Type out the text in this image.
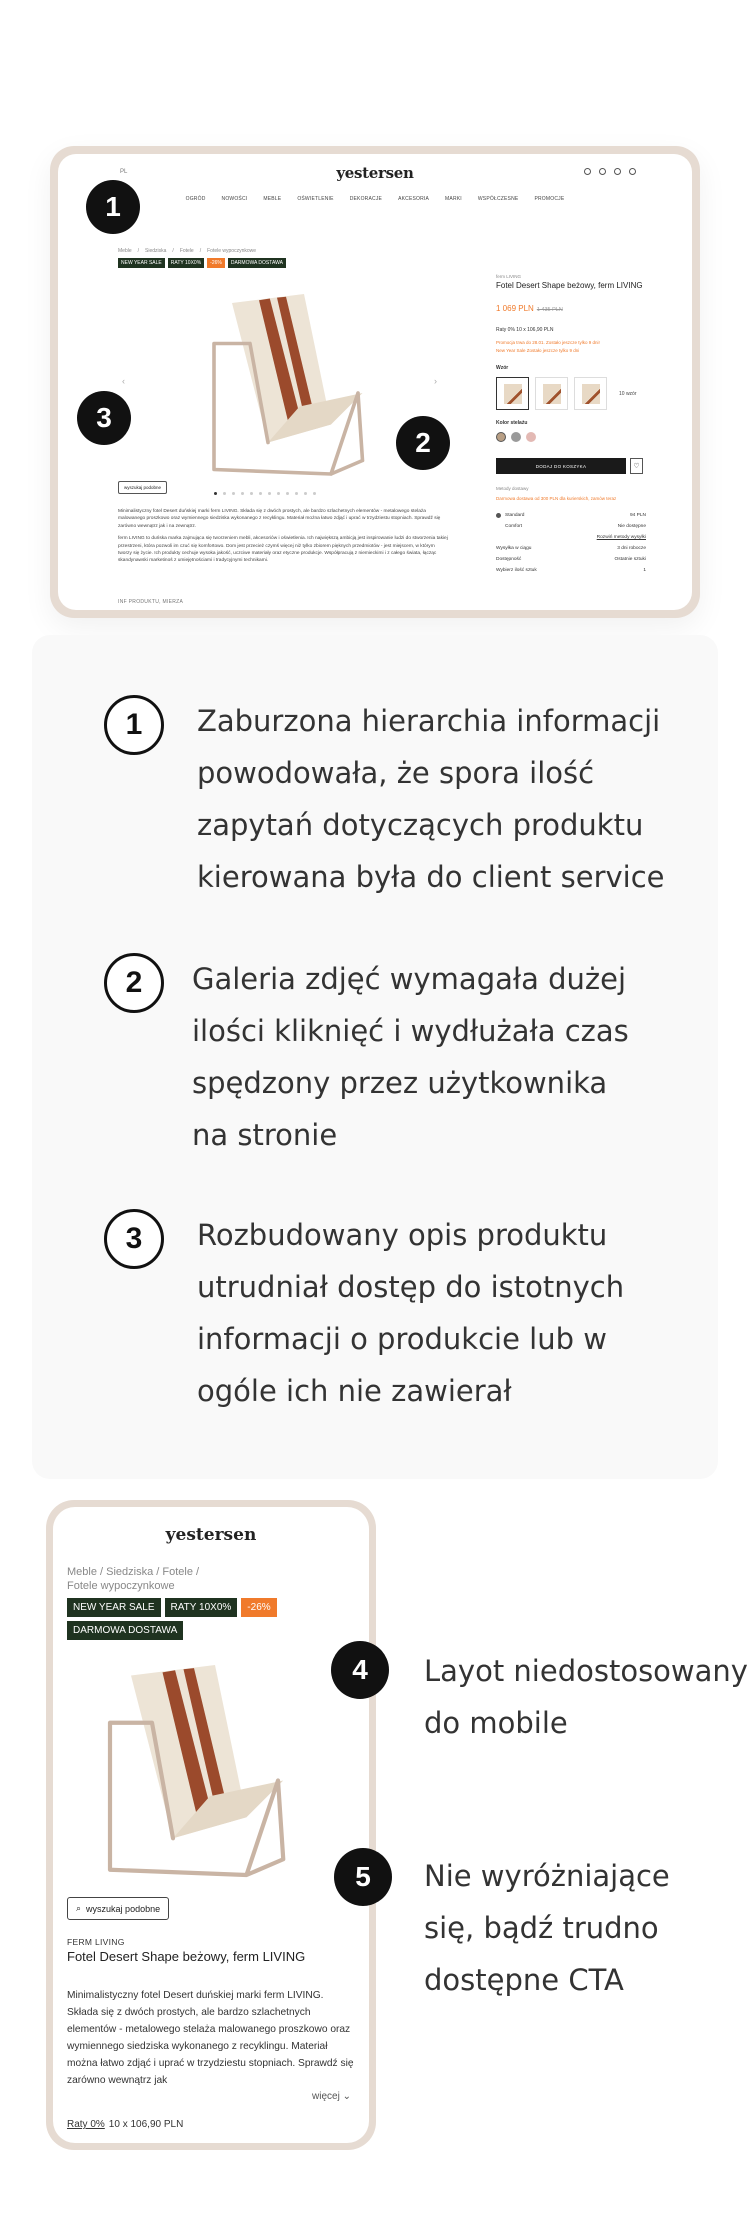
PL	yestersen
OGRÓD	NOWOŚCI	MEBLE	OŚWIETLENIE	DEKORACJE	AKCESORIA	MARKI	WSPÓŁCZESNE	PROMOCJE
Meble / Siedziska / Fotele / Fotele wypoczynkowe
NEW YEAR SALE	RATY 10X0%	-26%	DARMOWA DOSTAWA
‹	›
wyszukaj podobne

Minimalistyczny fotel Desert duńskiej marki ferm LIVING. Składa się z dwóch prostych, ale bardzo szlachetnych elementów - metalowego stelaża malowanego proszkowo oraz wymiennego siedziska wykonanego z recyklingu. Materiał można łatwo zdjąć i uprać w trzydziestu stopniach. Sprawdź się zarówno wewnątrz jak i na zewnątrz.

ferm LIVING to duńska marka zajmująca się tworzeniem mebli, akcesoriów i oświetlenia. Ich największą ambicją jest inspirowanie ludzi do stworzenia takiej przestrzeni, która pozwoli im czuć się komfortowo. Dom jest przecież czymś więcej niż tylko zbiorem pięknych przedmiotów - jest miejscem, w którym tworzy się życie. Ich produkty cechuje wysoka jakość, uczciwe materiały oraz etyczne produkcje. Współpracują z niemieckimi i z całego świata, łącząc skandynawski marketinoś z umiejętnościami i tradycyjnymi technikami.

INF PRODUKTU, MIERZA
ferm LIVING
Fotel Desert Shape beżowy, ferm LIVING
1 069 PLN 1 435 PLN
Raty 0% 10 x 106,90 PLN
Promocja trwa do 28.01. Zostało jeszcze tylko 9 dni!
New Year Sale Zostało jeszcze tylko 9 dni
Wzór
10 wzór
Kolor stelażu
DODAJ DO KOSZYKA	♡
Metody dostawy
Darmowa dostawa od 300 PLN dla kurierskich, zamów teraz
Standard	94 PLN
Comfort	Nie dostępne
Rozwiń metody wysyłki
Wysyłka w ciągu	3 dni robocze
Dostępność	Ostatnie sztuki
Wybierz ilość sztuk	1
1
2
3
1	Zaburzona hierarchia informacji
powodowała, że spora ilość
zapytań dotyczących produktu
kierowana była do client service
2	Galeria zdjęć wymagała dużej
ilości kliknięć i wydłużała czas
spędzony przez użytkownika
na stronie
3	Rozbudowany opis produktu
utrudniał dostęp do istotnych
informacji o produkcie lub w
ogóle ich nie zawierał
yestersen
Meble / Siedziska / Fotele /
Fotele wypoczynkowe
NEW YEAR SALE	RATY 10X0%	-26%
DARMOWA DOSTAWA
⌕ wyszukaj podobne
FERM LIVING
Fotel Desert Shape beżowy, ferm LIVING
Minimalistyczny fotel Desert duńskiej marki ferm LIVING. Składa się z dwóch prostych, ale bardzo szlachetnych elementów - metalowego stelaża malowanego proszkowo oraz wymiennego siedziska wykonanego z recyklingu. Materiał można łatwo zdjąć i uprać w trzydziestu stopniach. Sprawdź się zarówno wewnątrz jak
więcej ⌄
Raty 0% 10 x 106,90 PLN
4	Layot niedostosowany
do mobile
5	Nie wyróżniające
się, bądź trudno
dostępne CTA
